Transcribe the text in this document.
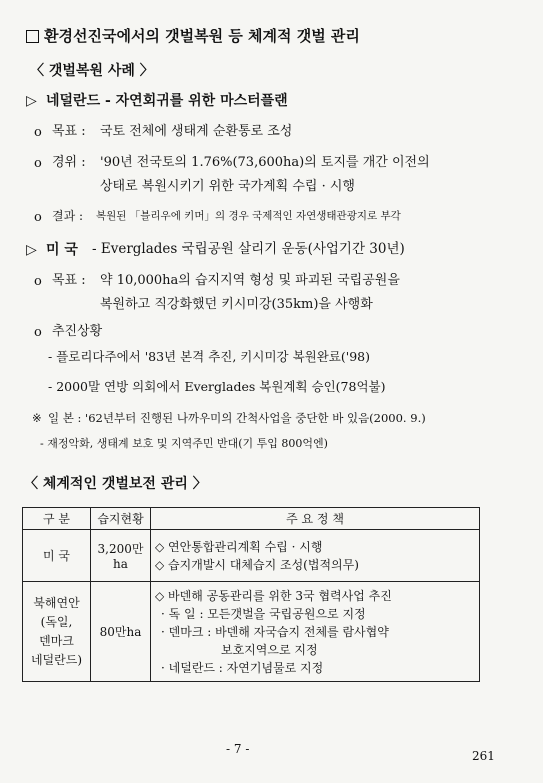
환경선진국에서의 갯벌복원 등 체계적 갯벌 관리
〈 갯벌복원 사례 〉
▷ 네덜란드 - 자연회귀를 위한 마스터플랜
o 목표 : 국토 전체에 생태계 순환통로 조성
o 경위 : '90년 전국토의 1.76%(73,600ha)의 토지를 개간 이전의
상태로 복원시키기 위한 국가계획 수립 · 시행
o 결과 : 복원된 「블리우에 키머」의 경우 국제적인 자연생태관광지로 부각
▷ 미 국 - Everglades 국립공원 살리기 운동(사업기간 30년)
o 목표 : 약 10,000ha의 습지지역 형성 및 파괴된 국립공원을
복원하고 직강화했던 키시미강(35km)을 사행화
o 추진상황
- 플로리다주에서 '83년 본격 추진, 키시미강 복원완료('98)
- 2000말 연방 의회에서 Everglades 복원계획 승인(78억불)
※ 일 본 : '62년부터 진행된 나까우미의 간척사업을 중단한 바 있음(2000. 9.)
- 재정악화, 생태계 보호 및 지역주민 반대(기 투입 800억엔)
〈 체계적인 갯벌보전 관리 〉
구 분	습지현황	주 요 정 책
미 국	3,200만ha	◇ 연안통합관리계획 수립 · 시행
◇ 습지개발시 대체습지 조성(법적의무)

북해연안
(독일,
덴마크
네덜란드)	80만ha	◇ 바덴해 공동관리를 위한 3국 협력사업 추진
· 독 일 : 모든갯벌을 국립공원으로 지정
· 덴마크 : 바덴해 자국습지 전체를 람사협약
보호지역으로 지정
· 네덜란드 : 자연기념물로 지정
- 7 -	261
